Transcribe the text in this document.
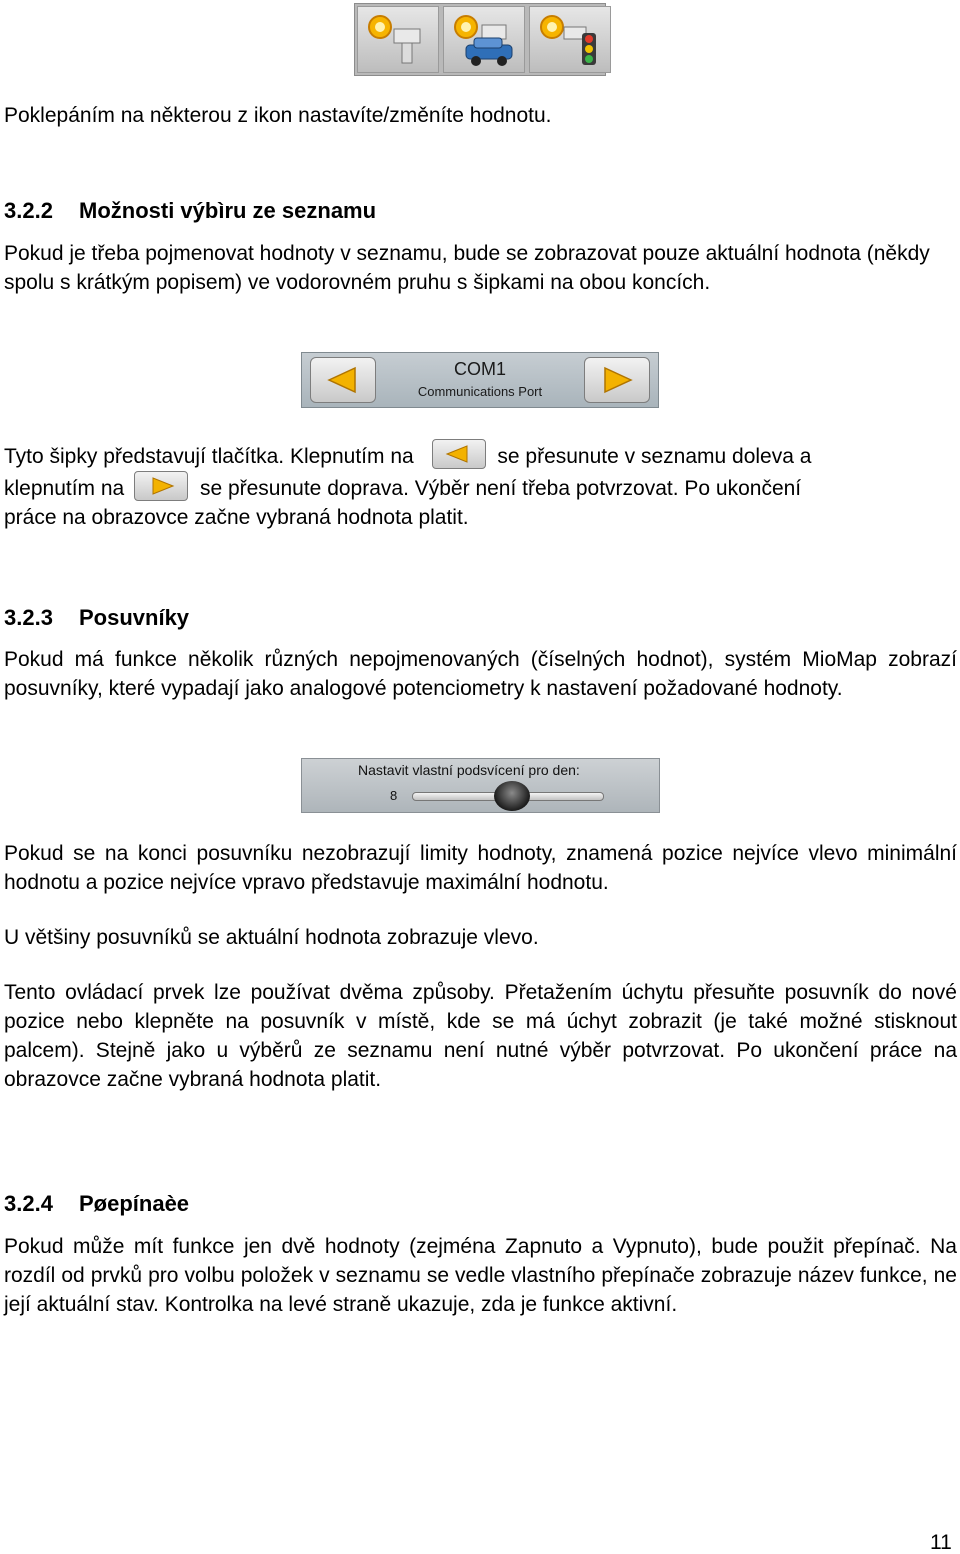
Poklepáním na některou z ikon nastavíte/změníte hodnotu.

3.2.2 Možnosti výbìru ze seznamu

Pokud je třeba pojmenovat hodnoty v seznamu, bude se zobrazovat pouze aktuální hodnota (někdy spolu s krátkým popisem) ve vodorovném pruhu s šipkami na obou koncích.

COM1
Communications Port

Tyto šipky představují tlačítka. Klepnutím na	se přesunute v seznamu doleva a
klepnutím na	se přesunute doprava. Výběr není třeba potvrzovat. Po ukončení
práce na obrazovce začne vybraná hodnota platit.

3.2.3 Posuvníky

Pokud má funkce několik různých nepojmenovaných (číselných hodnot), systém MioMap zobrazí posuvníky, které vypadají jako analogové potenciometry k nastavení požadované hodnoty.

Nastavit vlastní podsvícení pro den:
8

Pokud se na konci posuvníku nezobrazují limity hodnoty, znamená pozice nejvíce vlevo minimální hodnotu a pozice nejvíce vpravo představuje maximální hodnotu.

U většiny posuvníků se aktuální hodnota zobrazuje vlevo.

Tento ovládací prvek lze používat dvěma způsoby. Přetažením úchytu přesuňte posuvník do nové pozice nebo klepněte na posuvník v místě, kde se má úchyt zobrazit (je také možné stisknout palcem). Stejně jako u výběrů ze seznamu není nutné výběr potvrzovat. Po ukončení práce na obrazovce začne vybraná hodnota platit.

3.2.4 Pøepínaèe

Pokud může mít funkce jen dvě hodnoty (zejména Zapnuto a Vypnuto), bude použit přepínač. Na rozdíl od prvků pro volbu položek v seznamu se vedle vlastního přepínače zobrazuje název funkce, ne její aktuální stav. Kontrolka na levé straně ukazuje, zda je funkce aktivní.

11
